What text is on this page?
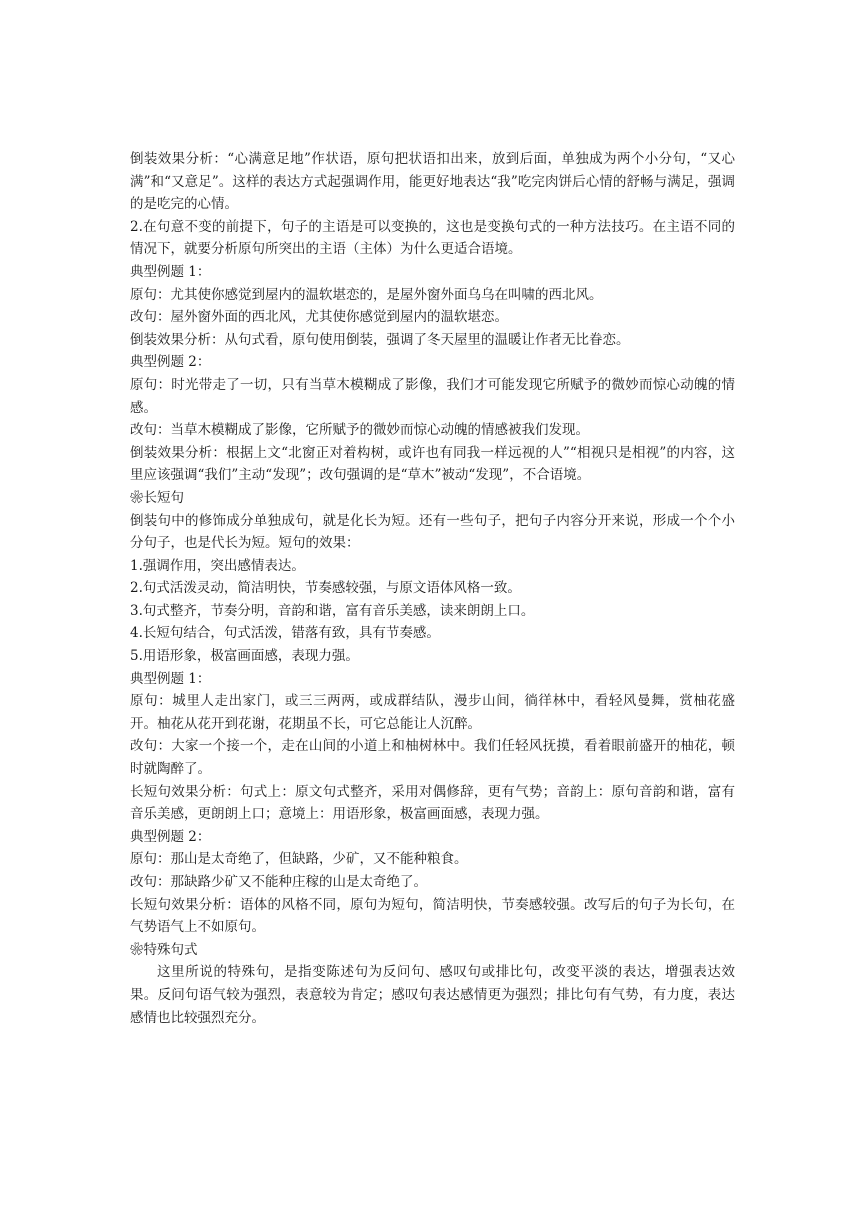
倒装效果分析：“心满意足地”作状语，原句把状语扣出来，放到后面，单独成为两个小分句，“又心满”和“又意足”。这样的表达方式起强调作用，能更好地表达“我”吃完肉饼后心情的舒畅与满足，强调的是吃完的心情。

2.在句意不变的前提下，句子的主语是可以变换的，这也是变换句式的一种方法技巧。在主语不同的情况下，就要分析原句所突出的主语（主体）为什么更适合语境。

典型例题 1：

原句：尤其使你感觉到屋内的温软堪恋的，是屋外窗外面乌乌在叫啸的西北风。

改句：屋外窗外面的西北风，尤其使你感觉到屋内的温软堪恋。

倒装效果分析：从句式看，原句使用倒装，强调了冬天屋里的温暖让作者无比眷恋。

典型例题 2：

原句：时光带走了一切，只有当草木模糊成了影像，我们才可能发现它所赋予的微妙而惊心动魄的情感。

改句：当草木模糊成了影像，它所赋予的微妙而惊心动魄的情感被我们发现。

倒装效果分析：根据上文“北窗正对着构树，或许也有同我一样远视的人”“相视只是相视”的内容，这里应该强调“我们”主动“发现”；改句强调的是“草木”被动“发现”，不合语境。

❀长短句

倒装句中的修饰成分单独成句，就是化长为短。还有一些句子，把句子内容分开来说，形成一个个小分句子，也是代长为短。短句的效果：

1.强调作用，突出感情表达。

2.句式活泼灵动，简洁明快，节奏感较强，与原文语体风格一致。

3.句式整齐，节奏分明，音韵和谐，富有音乐美感，读来朗朗上口。

4.长短句结合，句式活泼，错落有致，具有节奏感。

5.用语形象，极富画面感，表现力强。

典型例题 1：

原句：城里人走出家门，或三三两两，或成群结队，漫步山间，徜徉林中，看轻风曼舞，赏柚花盛开。柚花从花开到花谢，花期虽不长，可它总能让人沉醉。

改句：大家一个接一个，走在山间的小道上和柚树林中。我们任轻风抚摸，看着眼前盛开的柚花，顿时就陶醉了。

长短句效果分析：句式上：原文句式整齐，采用对偶修辞，更有气势；音韵上：原句音韵和谐，富有音乐美感，更朗朗上口；意境上：用语形象，极富画面感，表现力强。

典型例题 2：

原句：那山是太奇绝了，但缺路，少矿，又不能种粮食。

改句：那缺路少矿又不能种庄稼的山是太奇绝了。

长短句效果分析：语体的风格不同，原句为短句，简洁明快，节奏感较强。改写后的句子为长句，在气势语气上不如原句。

❀特殊句式

这里所说的特殊句，是指变陈述句为反问句、感叹句或排比句，改变平淡的表达，增强表达效果。反问句语气较为强烈，表意较为肯定；感叹句表达感情更为强烈；排比句有气势，有力度，表达感情也比较强烈充分。
